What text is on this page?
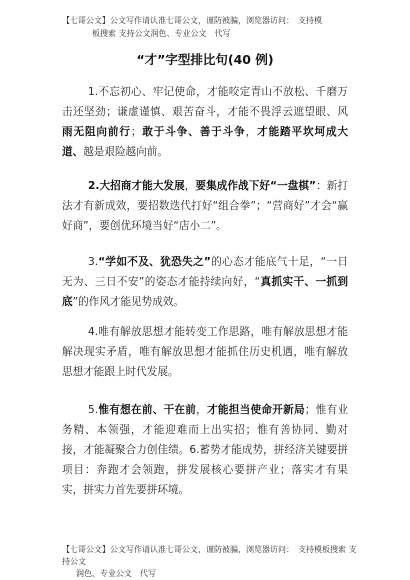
【七哥公文】公文写作请认准七哥公文，谨防被骗，浏览器访问：　支持模
板搜索 支持公文润色、专业公文　代写
“才”字型排比句(40 例)
1.不忘初心、牢记使命，才能咬定青山不放松、千磨万击还坚劲；谦虚谨慎、艰苦奋斗，才能不畏浮云遮望眼、风雨无阻向前行；敢于斗争、善于斗争，才能踏平坎坷成大道、越是艰险越向前。
2.大招商才能大发展，要集成作战下好“一盘棋”：新打法才有新成效，要招数迭代打好“组合拳”；“营商好”才会“赢好商”，要创优环境当好“店小二”。
3.“学如不及、犹恐失之”的心态才能底气十足，“一日无为、三日不安”的姿态才能持续向好，“真抓实干、一抓到底”的作风才能见势成效。
4.唯有解放思想才能转变工作思路，唯有解放思想才能解决现实矛盾，唯有解放思想才能抓住历史机遇，唯有解放思想才能跟上时代发展。
5.惟有想在前、干在前，才能担当使命开新局；惟有业务精、本领强，才能迎难而上出实招；惟有善协同、勤对接，才能凝聚合力创佳绩。6.蓄势才能成势，拼经济关键要拼项目：奔跑才会领跑，拼发展核心要拼产业；落实才有果实，拼实力首先要拼环境。
【七哥公文】公文写作请认准七哥公文，谨防被骗，浏览器访问：　支持模板搜索 支持公文
润色、专业公文　代写
